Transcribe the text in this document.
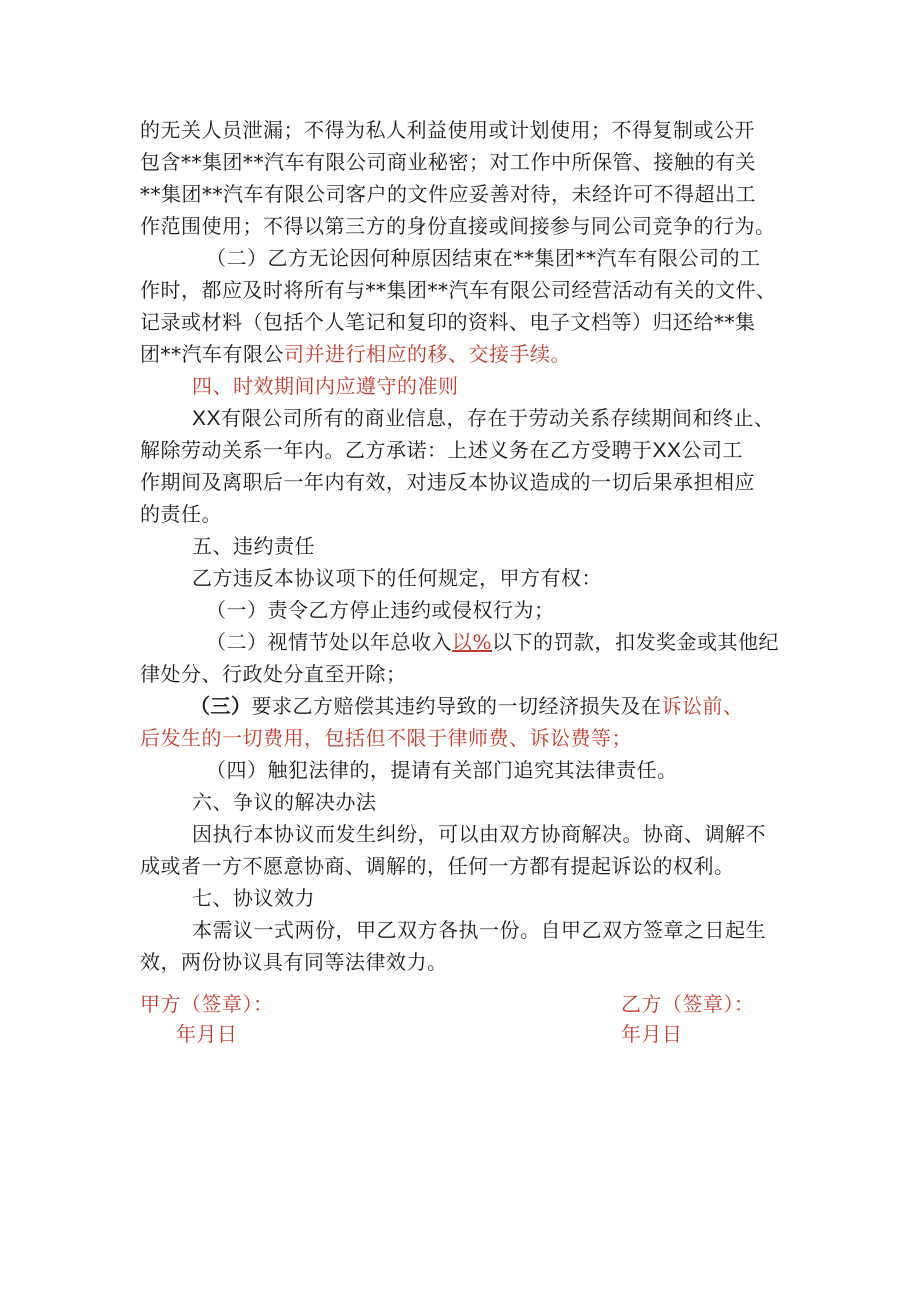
的无关人员泄漏；不得为私人利益使用或计划使用；不得复制或公开
包含**集团**汽车有限公司商业秘密；对工作中所保管、接触的有关
**集团**汽车有限公司客户的文件应妥善对待，未经许可不得超出工
作范围使用；不得以第三方的身份直接或间接参与同公司竞争的行为。
（二）乙方无论因何种原因结束在**集团**汽车有限公司的工
作时，都应及时将所有与**集团**汽车有限公司经营活动有关的文件、
记录或材料（包括个人笔记和复印的资料、电子文档等）归还给**集
团**汽车有限公司并进行相应的移、交接手续。
四、时效期间内应遵守的准则
XX有限公司所有的商业信息，存在于劳动关系存续期间和终止、
解除劳动关系一年内。乙方承诺：上述义务在乙方受聘于XX公司工
作期间及离职后一年内有效，对违反本协议造成的一切后果承担相应
的责任。
五、违约责任
乙方违反本协议项下的任何规定，甲方有权：
（一）责令乙方停止违约或侵权行为；
（二）视情节处以年总收入以%以下的罚款，扣发奖金或其他纪
律处分、行政处分直至开除；
（三）要求乙方赔偿其违约导致的一切经济损失及在诉讼前、
后发生的一切费用，包括但不限于律师费、诉讼费等；
（四）触犯法律的，提请有关部门追究其法律责任。
六、争议的解决办法
因执行本协议而发生纠纷，可以由双方协商解决。协商、调解不
成或者一方不愿意协商、调解的，任何一方都有提起诉讼的权利。
七、协议效力
本需议一式两份，甲乙双方各执一份。自甲乙双方签章之日起生
效，两份协议具有同等法律效力。
甲方（签章）：	乙方（签章）：
年月日	年月日
